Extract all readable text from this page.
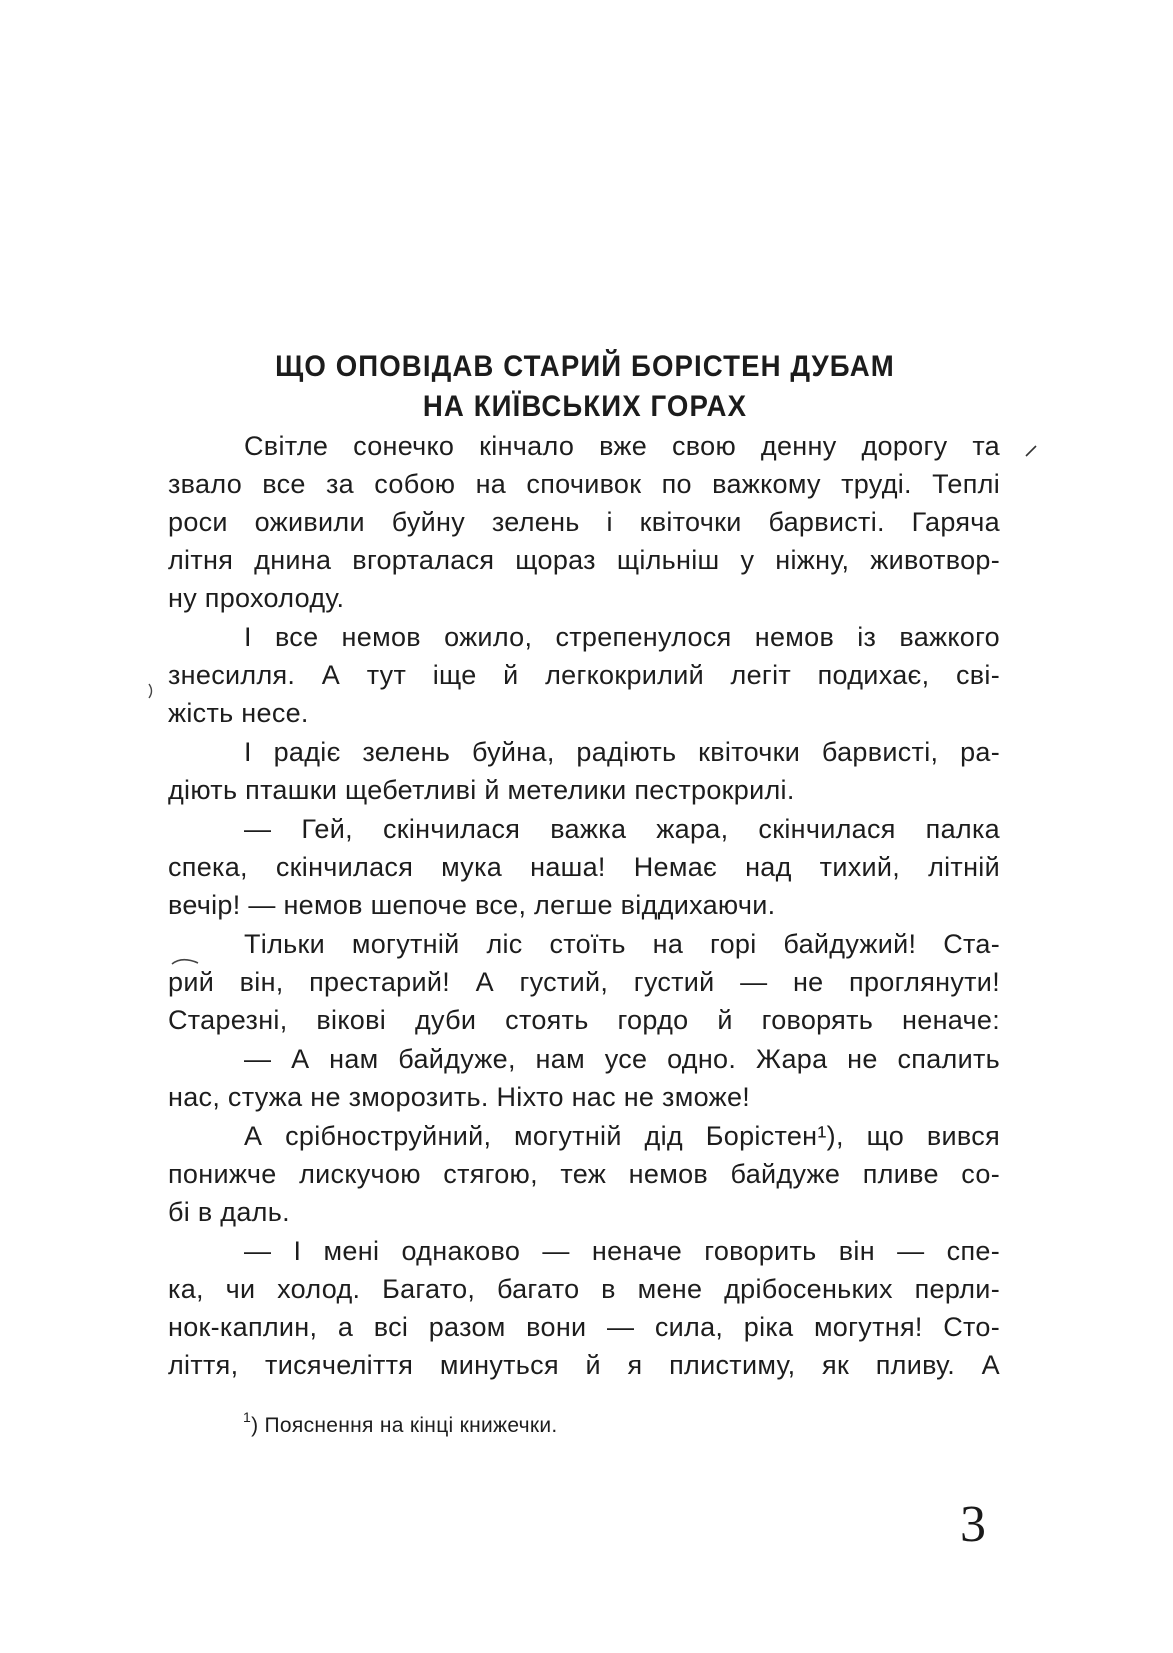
ЩО ОПОВІДАВ СТАРИЙ БОРІСТЕН ДУБАМ
НА КИЇВСЬКИХ ГОРАХ
Світле сонечко кінчало вже свою денну дорогу та
звало все за собою на спочивок по важкому труді. Теплі
роси оживили буйну зелень і квіточки барвисті. Гаряча
літня днина вгорталася щораз щільніш у ніжну, животвор-
ну прохолоду.
І все немов ожило, стрепенулося немов із важкого
знесилля. А тут іще й легкокрилий легіт подихає, сві-
жість несе.
І радіє зелень буйна, радіють квіточки барвисті, ра-
діють пташки щебетливі й метелики пестрокрилі.
— Гей, скінчилася важка жара, скінчилася палка
спека, скінчилася мука наша! Немає над тихий, літній
вечір! — немов шепоче все, легше віддихаючи.
Тільки могутній ліс стоїть на горі байдужий! Ста-
рий він, престарий! А густий, густий — не проглянути!
Старезні, вікові дуби стоять гордо й говорять неначе:
— А нам байдуже, нам усе одно. Жара не спалить
нас, стужа не зморозить. Ніхто нас не зможе!
А срібноструйний, могутній дід Борістен¹), що вився
понижче лискучою стягою, теж немов байдуже пливе со-
бі в даль.
— І мені однаково — неначе говорить він — спе-
ка, чи холод. Багато, багато в мене дрібосеньких перли-
нок-каплин, а всі разом вони — сила, ріка могутня! Сто-
ліття, тисячеліття минуться й я плистиму, як пливу. А
$^1$) Пояснення на кінці книжечки.
3
